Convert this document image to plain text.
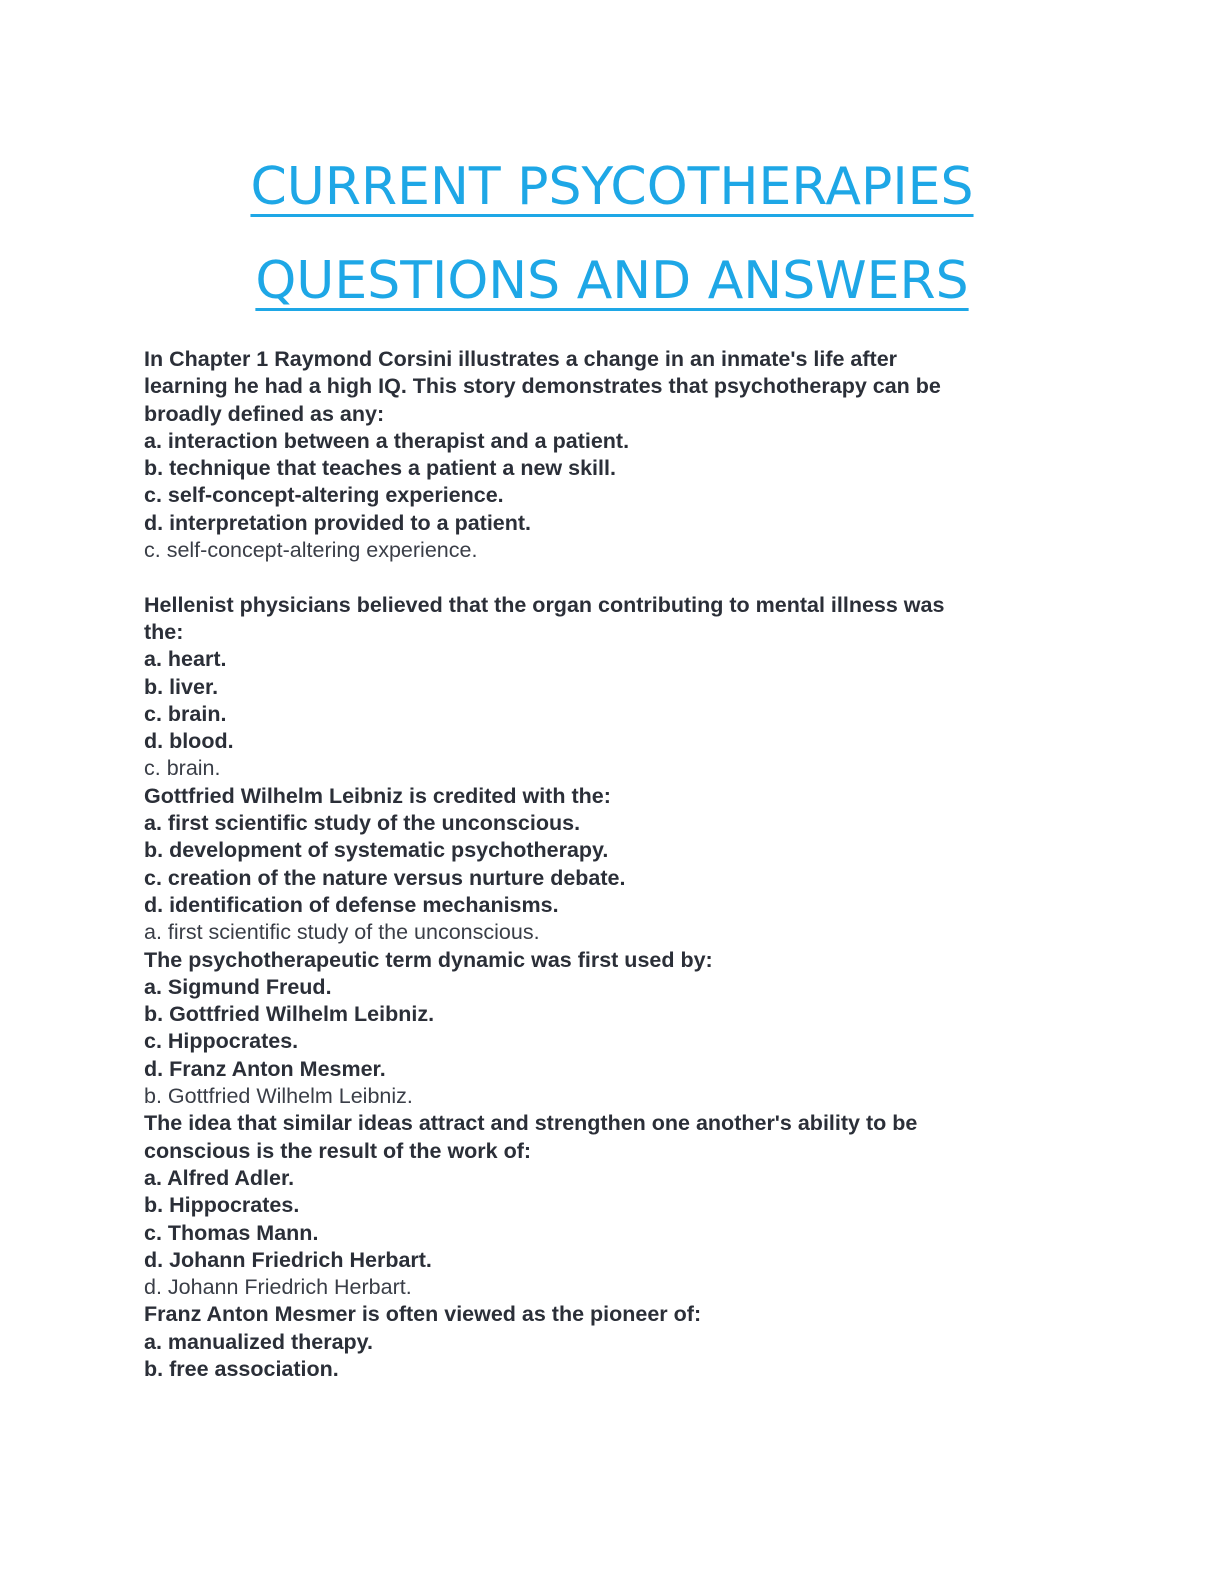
CURRENT PSYCOTHERAPIES
QUESTIONS AND ANSWERS

In Chapter 1 Raymond Corsini illustrates a change in an inmate's life after

learning he had a high IQ. This story demonstrates that psychotherapy can be

broadly defined as any:

a. interaction between a therapist and a patient.

b. technique that teaches a patient a new skill.

c. self-concept-altering experience.

d. interpretation provided to a patient.

c. self-concept-altering experience.

Hellenist physicians believed that the organ contributing to mental illness was

the:

a. heart.

b. liver.

c. brain.

d. blood.

c. brain.

Gottfried Wilhelm Leibniz is credited with the:

a. first scientific study of the unconscious.

b. development of systematic psychotherapy.

c. creation of the nature versus nurture debate.

d. identification of defense mechanisms.

a. first scientific study of the unconscious.

The psychotherapeutic term dynamic was first used by:

a. Sigmund Freud.

b. Gottfried Wilhelm Leibniz.

c. Hippocrates.

d. Franz Anton Mesmer.

b. Gottfried Wilhelm Leibniz.

The idea that similar ideas attract and strengthen one another's ability to be

conscious is the result of the work of:

a. Alfred Adler.

b. Hippocrates.

c. Thomas Mann.

d. Johann Friedrich Herbart.

d. Johann Friedrich Herbart.

Franz Anton Mesmer is often viewed as the pioneer of:

a. manualized therapy.

b. free association.
